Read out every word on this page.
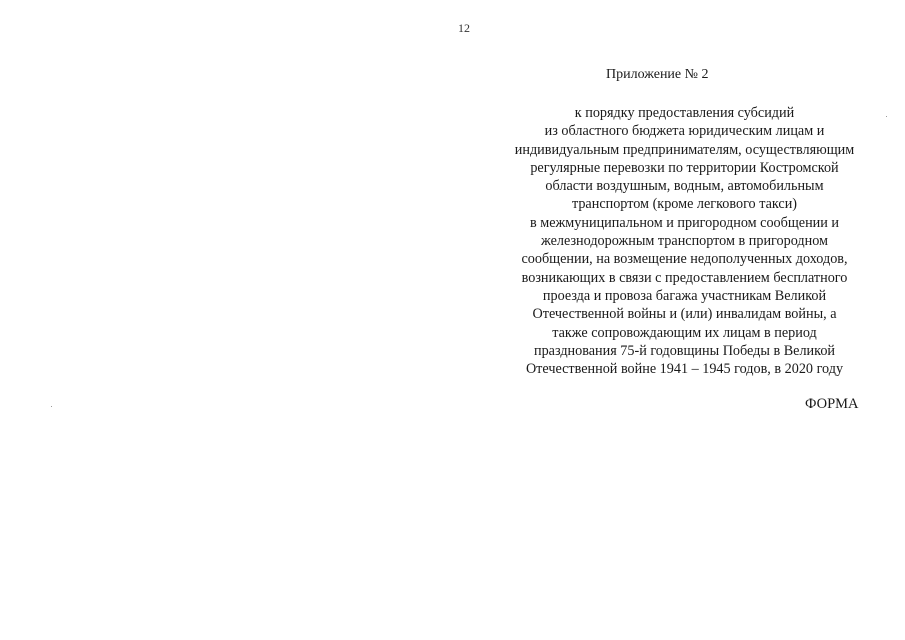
12
Приложение № 2
к порядку предоставления субсидий
из областного бюджета юридическим лицам и
индивидуальным предпринимателям, осуществляющим
регулярные перевозки по территории Костромской
области воздушным, водным, автомобильным
транспортом (кроме легкового такси)
в межмуниципальном и пригородном сообщении и
железнодорожным транспортом в пригородном
сообщении, на возмещение недополученных доходов,
возникающих в связи с предоставлением бесплатного
проезда и провоза багажа участникам Великой
Отечественной войны и (или) инвалидам войны, а
также сопровождающим их лицам в период
празднования 75-й годовщины Победы в Великой
Отечественной войне 1941 – 1945 годов, в 2020 году
ФОРМА
